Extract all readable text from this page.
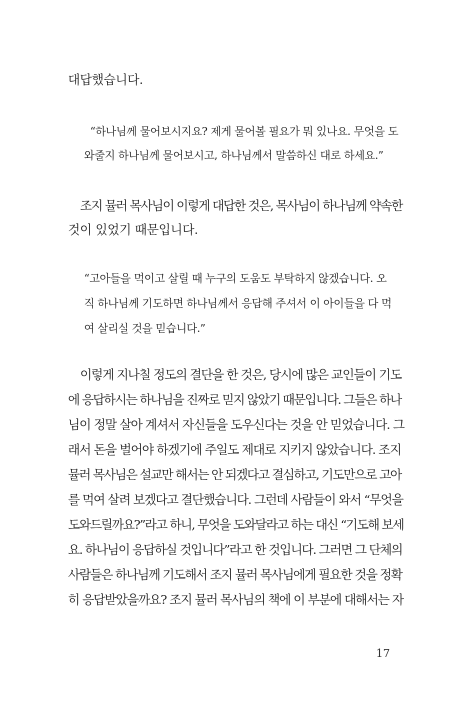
대답했습니다.
“하나님께 물어보시지요? 제게 물어볼 필요가 뭐 있나요. 무엇을 도
와줄지 하나님께 물어보시고, 하나님께서 말씀하신 대로 하세요.”
조지 뮬러 목사님이 이렇게 대답한 것은, 목사님이 하나님께 약속한
것이 있었기 때문입니다.
“고아들을 먹이고 살릴 때 누구의 도움도 부탁하지 않겠습니다. 오
직 하나님께 기도하면 하나님께서 응답해 주셔서 이 아이들을 다 먹
여 살리실 것을 믿습니다.”
이렇게 지나칠 정도의 결단을 한 것은, 당시에 많은 교인들이 기도
에 응답하시는 하나님을 진짜로 믿지 않았기 때문입니다. 그들은 하나
님이 정말 살아 계셔서 자신들을 도우신다는 것을 안 믿었습니다. 그
래서 돈을 벌어야 하겠기에 주일도 제대로 지키지 않았습니다. 조지
뮬러 목사님은 설교만 해서는 안 되겠다고 결심하고, 기도만으로 고아
를 먹여 살려 보겠다고 결단했습니다. 그런데 사람들이 와서 “무엇을
도와드릴까요?”라고 하니, 무엇을 도와달라고 하는 대신 “기도해 보세
요. 하나님이 응답하실 것입니다”라고 한 것입니다. 그러면 그 단체의
사람들은 하나님께 기도해서 조지 뮬러 목사님에게 필요한 것을 정확
히 응답받았을까요? 조지 뮬러 목사님의 책에 이 부분에 대해서는 자
17
